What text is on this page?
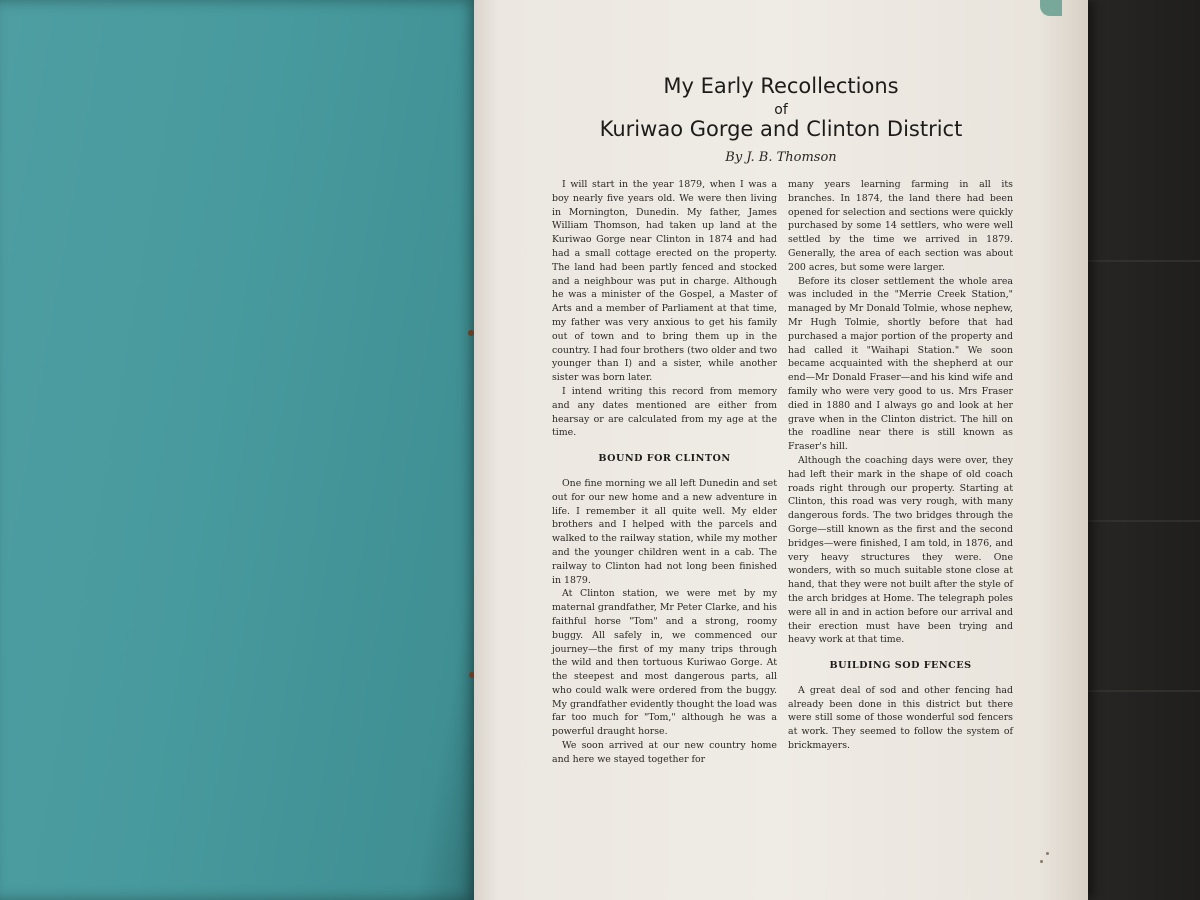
My Early Recollections
of
Kuriwao Gorge and Clinton District
By J. B. Thomson

I will start in the year 1879, when I was a boy nearly five years old. We were then living in Mornington, Dunedin. My father, James William Thomson, had taken up land at the Kuriwao Gorge near Clinton in 1874 and had had a small cottage erected on the property. The land had been partly fenced and stocked and a neighbour was put in charge. Although he was a minister of the Gospel, a Master of Arts and a member of Parliament at that time, my father was very anxious to get his family out of town and to bring them up in the country. I had four brothers (two older and two younger than I) and a sister, while another sister was born later.

I intend writing this record from memory and any dates mentioned are either from hearsay or are calculated from my age at the time.

BOUND FOR CLINTON

One fine morning we all left Dunedin and set out for our new home and a new adventure in life. I remember it all quite well. My elder brothers and I helped with the parcels and walked to the railway station, while my mother and the younger children went in a cab. The railway to Clinton had not long been finished in 1879.

At Clinton station, we were met by my maternal grandfather, Mr Peter Clarke, and his faithful horse "Tom" and a strong, roomy buggy. All safely in, we commenced our journey—the first of my many trips through the wild and then tortuous Kuriwao Gorge. At the steepest and most dangerous parts, all who could walk were ordered from the buggy. My grandfather evidently thought the load was far too much for "Tom," although he was a powerful draught horse.

We soon arrived at our new country home and here we stayed together for

many years learning farming in all its branches. In 1874, the land there had been opened for selection and sections were quickly purchased by some 14 settlers, who were well settled by the time we arrived in 1879. Generally, the area of each section was about 200 acres, but some were larger.

Before its closer settlement the whole area was included in the "Merrie Creek Station," managed by Mr Donald Tolmie, whose nephew, Mr Hugh Tolmie, shortly before that had purchased a major portion of the property and had called it "Waihapi Station." We soon became acquainted with the shepherd at our end—Mr Donald Fraser—and his kind wife and family who were very good to us. Mrs Fraser died in 1880 and I always go and look at her grave when in the Clinton district. The hill on the roadline near there is still known as Fraser's hill.

Although the coaching days were over, they had left their mark in the shape of old coach roads right through our property. Starting at Clinton, this road was very rough, with many dangerous fords. The two bridges through the Gorge—still known as the first and the second bridges—were finished, I am told, in 1876, and very heavy structures they were. One wonders, with so much suitable stone close at hand, that they were not built after the style of the arch bridges at Home. The telegraph poles were all in and in action before our arrival and their erection must have been trying and heavy work at that time.

BUILDING SOD FENCES

A great deal of sod and other fencing had already been done in this district but there were still some of those wonderful sod fencers at work. They seemed to follow the system of brickmayers.
